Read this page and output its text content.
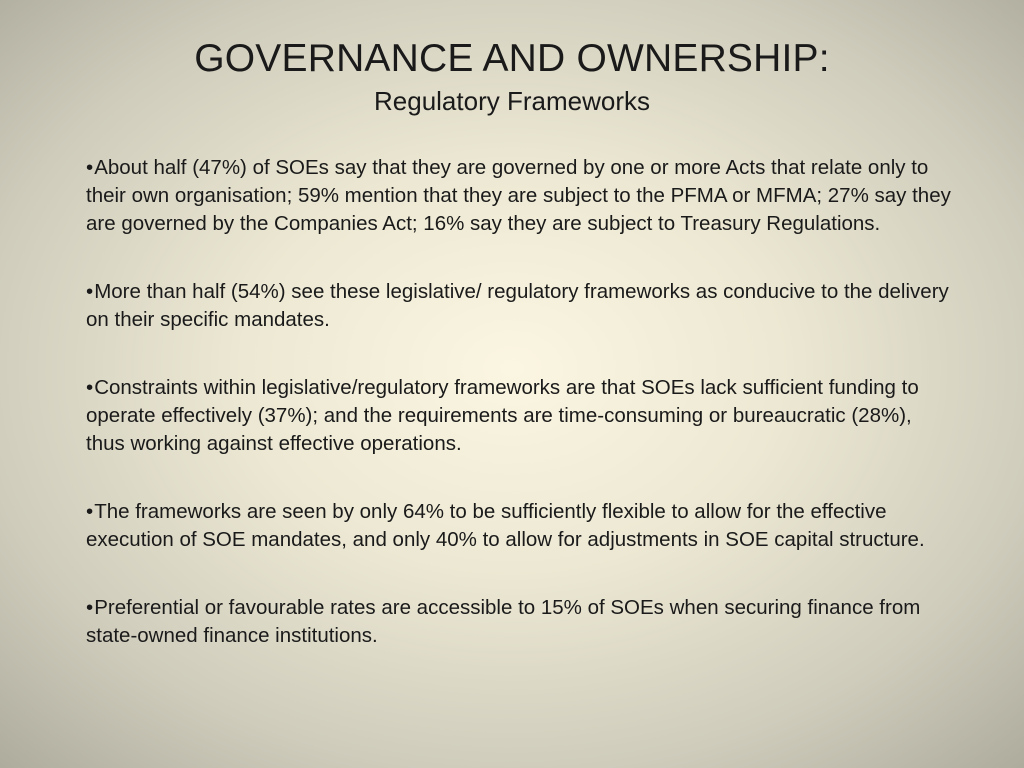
GOVERNANCE AND OWNERSHIP:
Regulatory Frameworks
•About half (47%) of SOEs say that they are governed by one or more Acts that relate only to their own organisation; 59% mention that they are subject to the PFMA or MFMA; 27% say they are governed by the Companies Act; 16% say they are subject to Treasury Regulations.
•More than half (54%) see these legislative/ regulatory frameworks as conducive to the delivery on their specific mandates.
•Constraints within legislative/regulatory frameworks are that SOEs lack sufficient funding to operate effectively (37%); and the requirements are time-consuming or bureaucratic (28%), thus working against effective operations.
•The frameworks are seen by only 64% to be sufficiently flexible to allow for the effective execution of SOE mandates, and only 40% to allow for adjustments in SOE capital structure.
•Preferential or favourable rates are accessible to 15% of SOEs when securing finance from state-owned finance institutions.
